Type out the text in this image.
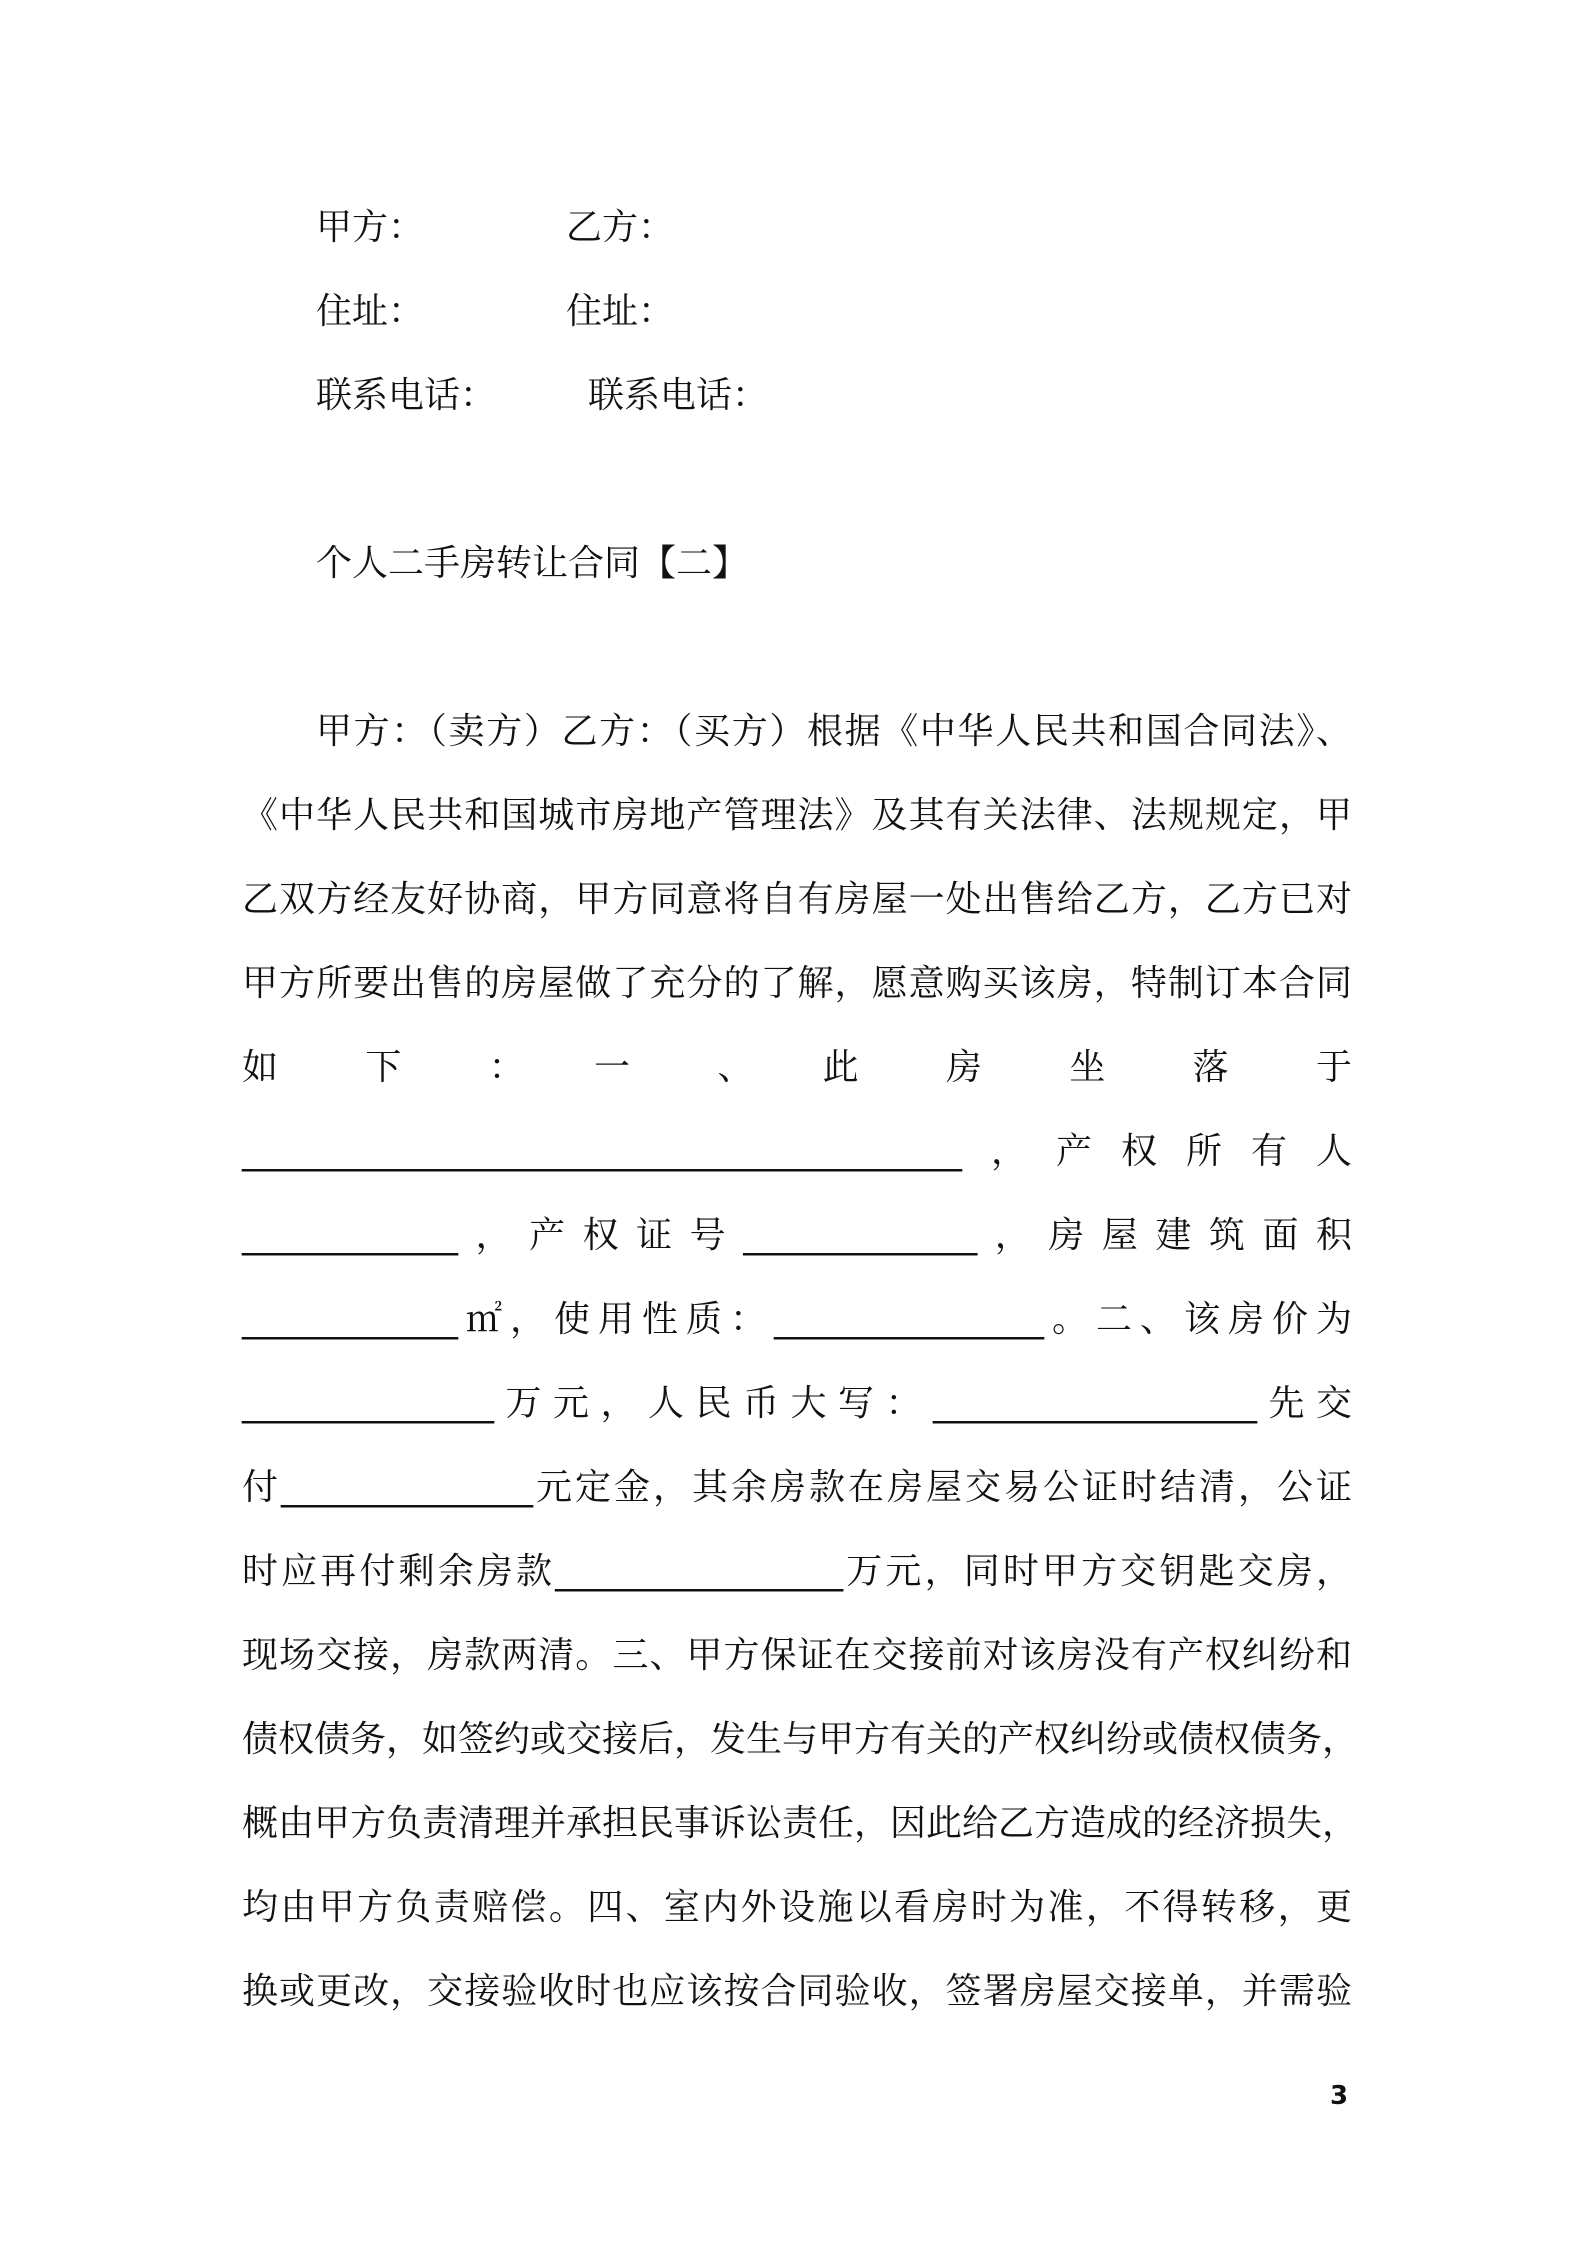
甲方：	乙方：
住址：	住址：
联系电话：	联系电话：
个人二手房转让合同【二】
甲方：（卖方）乙方：（买方）根据《中华人民共和国合同法》、
《中华人民共和国城市房地产管理法》及其有关法律、法规规定，甲
乙双方经友好协商，甲方同意将自有房屋一处出售给乙方，乙方已对
甲方所要出售的房屋做了充分的了解，愿意购买该房，特制订本合同
如　下　：　一　、　此　房　坐　落　于
________________________________________，产权所有人
____________，产权证号_____________，房屋建筑面积
____________㎡，使用性质：_______________。二、该房价为
______________万元，人民币大写：__________________先交
付______________元定金，其余房款在房屋交易公证时结清，公证
时应再付剩余房款________________万元，同时甲方交钥匙交房，
现场交接，房款两清。三、甲方保证在交接前对该房没有产权纠纷和
债权债务，如签约或交接后，发生与甲方有关的产权纠纷或债权债务，
概由甲方负责清理并承担民事诉讼责任，因此给乙方造成的经济损失，
均由甲方负责赔偿。四、室内外设施以看房时为准，不得转移，更
换或更改，交接验收时也应该按合同验收，签署房屋交接单，并需验
3
